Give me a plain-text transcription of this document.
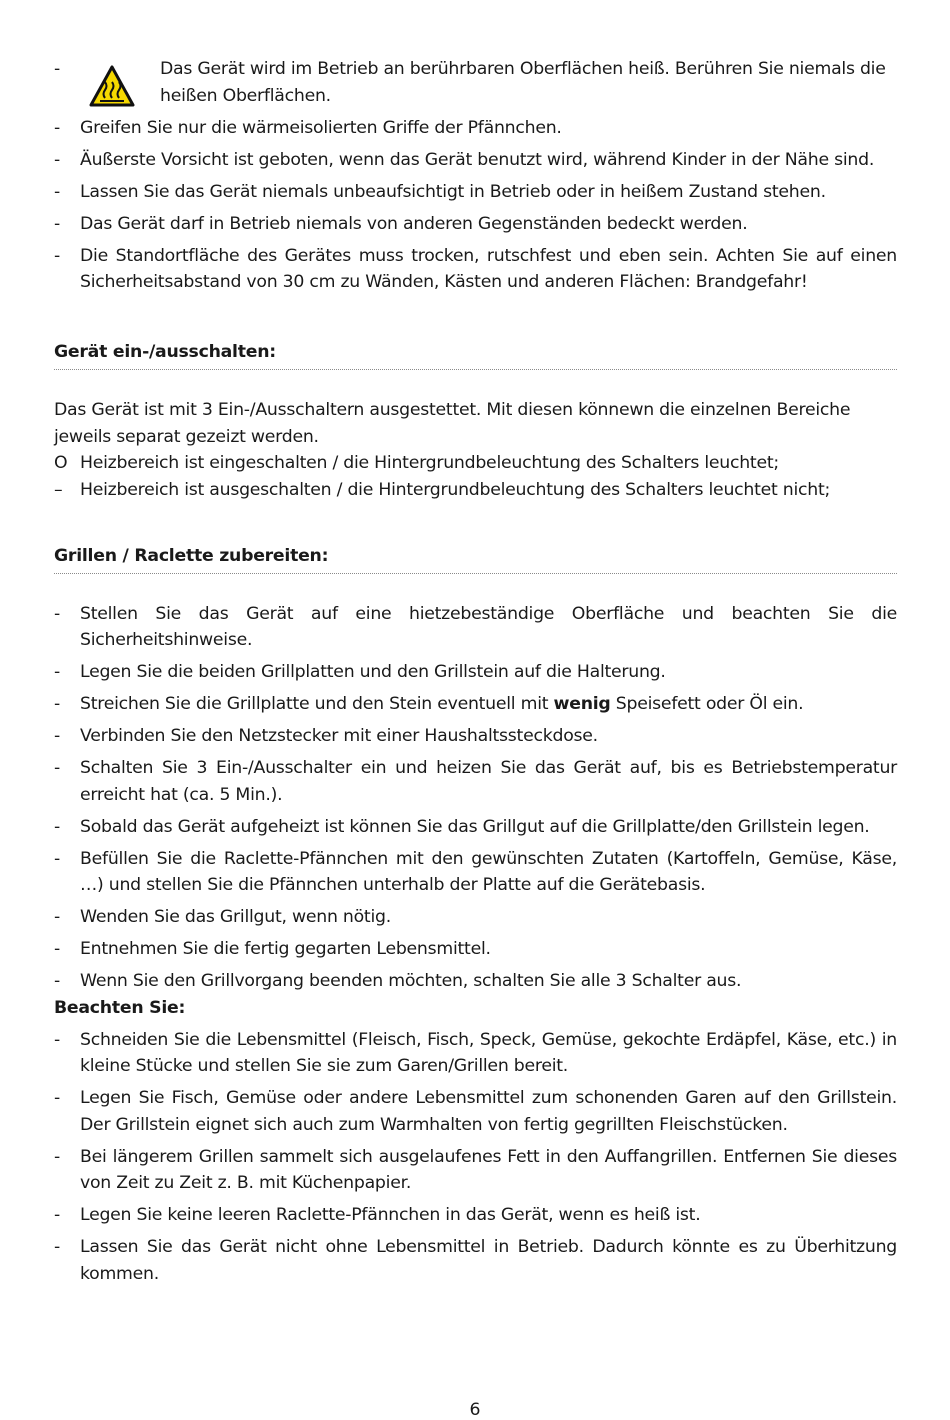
-	Das Gerät wird im Betrieb an berührbaren Oberflächen heiß. Berühren Sie niemals die heißen Oberflächen.
-	Greifen Sie nur die wärmeisolierten Griffe der Pfännchen.
-	Äußerste Vorsicht ist geboten, wenn das Gerät benutzt wird, während Kinder in der Nähe sind.
-	Lassen Sie das Gerät niemals unbeaufsichtigt in Betrieb oder in heißem Zustand stehen.
-	Das Gerät darf in Betrieb niemals von anderen Gegenständen bedeckt werden.
-	Die Standortfläche des Gerätes muss trocken, rutschfest und eben sein. Achten Sie auf einen Sicherheitsabstand von 30 cm zu Wänden, Kästen und anderen Flächen: Brandgefahr!
Gerät ein-/ausschalten:

Das Gerät ist mit 3 Ein-/Ausschaltern ausgestettet. Mit diesen könnewn die einzelnen Bereiche jeweils separat gezeizt werden.

O Heizbereich ist eingeschalten / die Hintergrundbeleuchtung des Schalters leuchtet;
–	Heizbereich ist ausgeschalten / die Hintergrundbeleuchtung des Schalters leuchtet nicht;
Grillen / Raclette zubereiten:
-	Stellen Sie das Gerät auf eine hietzebeständige Oberfläche und beachten Sie die Sicherheitshinweise.
-	Legen Sie die beiden Grillplatten und den Grillstein auf die Halterung.
-	Streichen Sie die Grillplatte und den Stein eventuell mit wenig Speisefett oder Öl ein.
-	Verbinden Sie den Netzstecker mit einer Haushaltssteckdose.
-	Schalten Sie 3 Ein-/Ausschalter ein und heizen Sie das Gerät auf, bis es Betriebstemperatur erreicht hat (ca. 5 Min.).
-	Sobald das Gerät aufgeheizt ist können Sie das Grillgut auf die Grillplatte/den Grillstein legen.
-	Befüllen Sie die Raclette-Pfännchen mit den gewünschten Zutaten (Kartoffeln, Gemüse, Käse, …) und stellen Sie die Pfännchen unterhalb der Platte auf die Gerätebasis.
-	Wenden Sie das Grillgut, wenn nötig.
-	Entnehmen Sie die fertig gegarten Lebensmittel.
-	Wenn Sie den Grillvorgang beenden möchten, schalten Sie alle 3 Schalter aus.
Beachten Sie:
-	Schneiden Sie die Lebensmittel (Fleisch, Fisch, Speck, Gemüse, gekochte Erdäpfel, Käse, etc.) in kleine Stücke und stellen Sie sie zum Garen/Grillen bereit.
-	Legen Sie Fisch, Gemüse oder andere Lebensmittel zum schonenden Garen auf den Grillstein. Der Grillstein eignet sich auch zum Warmhalten von fertig gegrillten Fleischstücken.
-	Bei längerem Grillen sammelt sich ausgelaufenes Fett in den Auffangrillen. Entfernen Sie dieses von Zeit zu Zeit z. B. mit Küchenpapier.
-	Legen Sie keine leeren Raclette-Pfännchen in das Gerät, wenn es heiß ist.
-	Lassen Sie das Gerät nicht ohne Lebensmittel in Betrieb. Dadurch könnte es zu Überhitzung kommen.
6
